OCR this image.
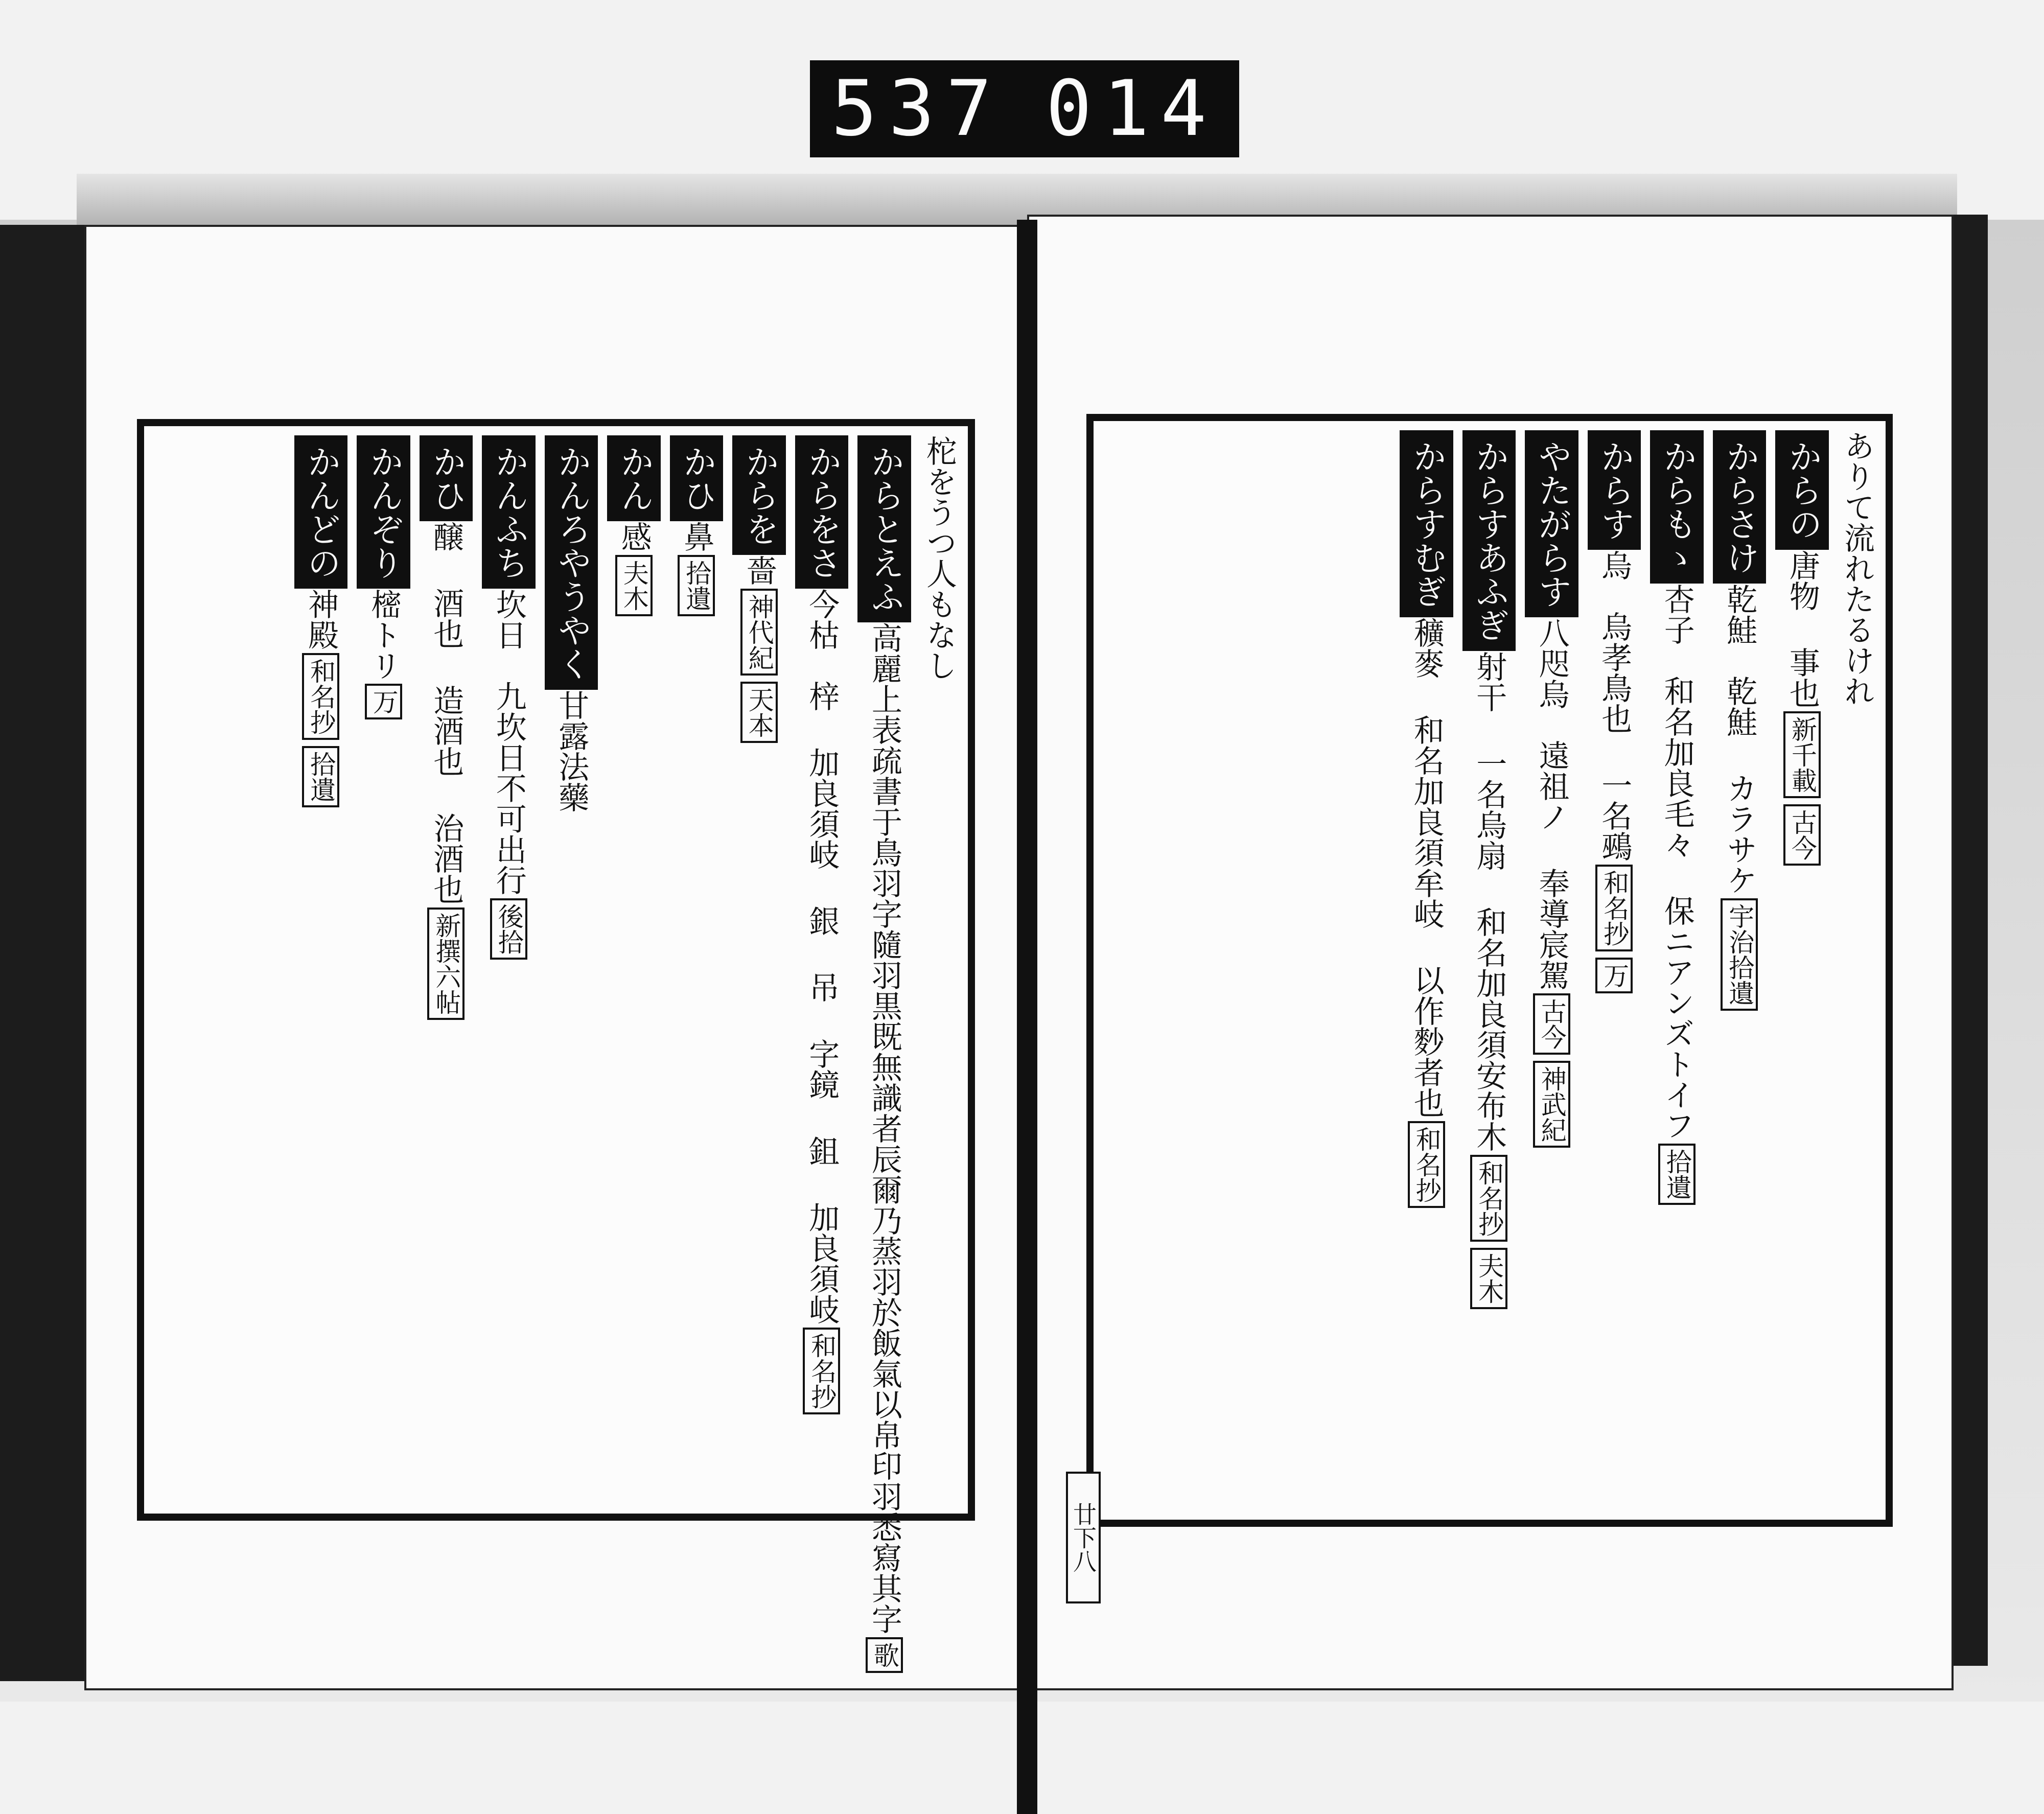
537 014
柁をうつ人もなし
からとえふ高麗上表疏書于鳥羽字隨羽黒既無識者辰爾乃蒸羽於飯氣以帛印羽悉寫其字歌
からをさ今枯　梓 加良須岐 銀 吊 字鏡 鉏 加良須岐和名抄
からを嗇神代紀天本
かひ鼻拾遺
かん感夫木
かんろやうやく甘露法藥
かんふち坎日　九坎日不可出行後拾
かひ醸 酒也 造酒也 治酒也新撰六帖
かんぞり樒トリ万
かんどの神殿和名抄拾遺
ありて流れたるけれ
からの唐物 事也新千載古今
からさけ乾鮭　乾鮭 カラサケ宇治拾遺
からもゝ杏子　和名加良毛々 保ニアンズトイフ拾遺
からす烏　烏孝鳥也 一名鵐和名抄万
やたがらす八咫烏　遠祖ノ 奉導宸駕古今神武紀
からすあふぎ射干 一名烏扇 和名加良須安布木和名抄夫木
からすむぎ穬麥 和名加良須牟岐 以作麨者也和名抄
廿下八
